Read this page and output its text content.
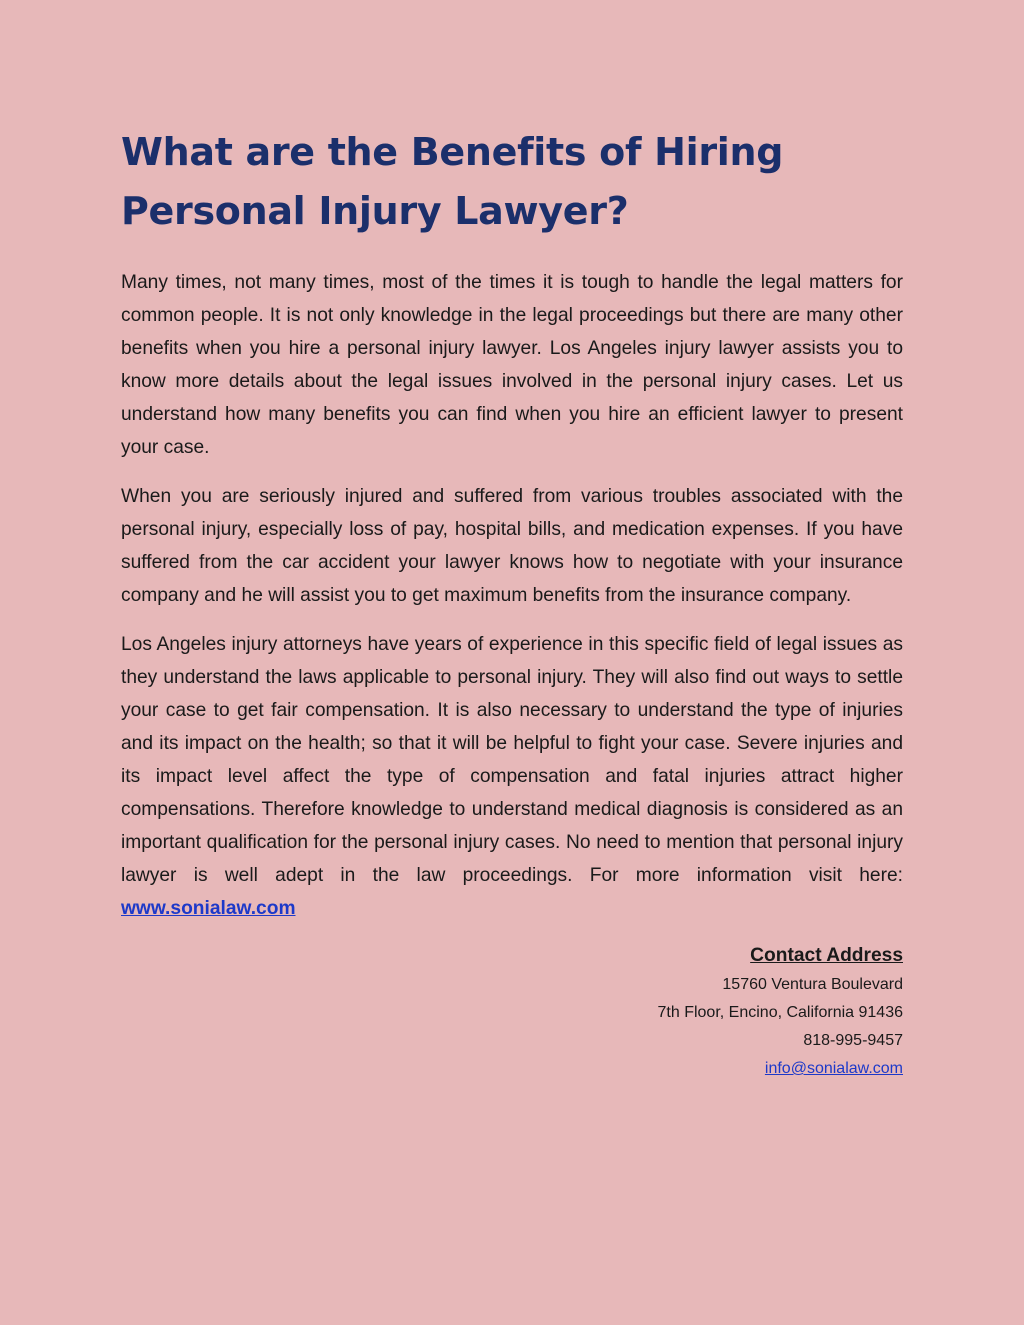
What are the Benefits of Hiring
Personal Injury Lawyer?

Many times, not many times, most of the times it is tough to handle the legal matters for common people. It is not only knowledge in the legal proceedings but there are many other benefits when you hire a personal injury lawyer. Los Angeles injury lawyer assists you to know more details about the legal issues involved in the personal injury cases. Let us understand how many benefits you can find when you hire an efficient lawyer to present your case.

When you are seriously injured and suffered from various troubles associated with the personal injury, especially loss of pay, hospital bills, and medication expenses. If you have suffered from the car accident your lawyer knows how to negotiate with your insurance company and he will assist you to get maximum benefits from the insurance company.

Los Angeles injury attorneys have years of experience in this specific field of legal issues as they understand the laws applicable to personal injury. They will also find out ways to settle your case to get fair compensation. It is also necessary to understand the type of injuries and its impact on the health; so that it will be helpful to fight your case. Severe injuries and its impact level affect the type of compensation and fatal injuries attract higher compensations. Therefore knowledge to understand medical diagnosis is considered as an important qualification for the personal injury cases. No need to mention that personal injury lawyer is well adept in the law proceedings. For more information visit here: www.sonialaw.com

Contact Address
15760 Ventura Boulevard
7th Floor, Encino, California 91436
818-995-9457
info@sonialaw.com
